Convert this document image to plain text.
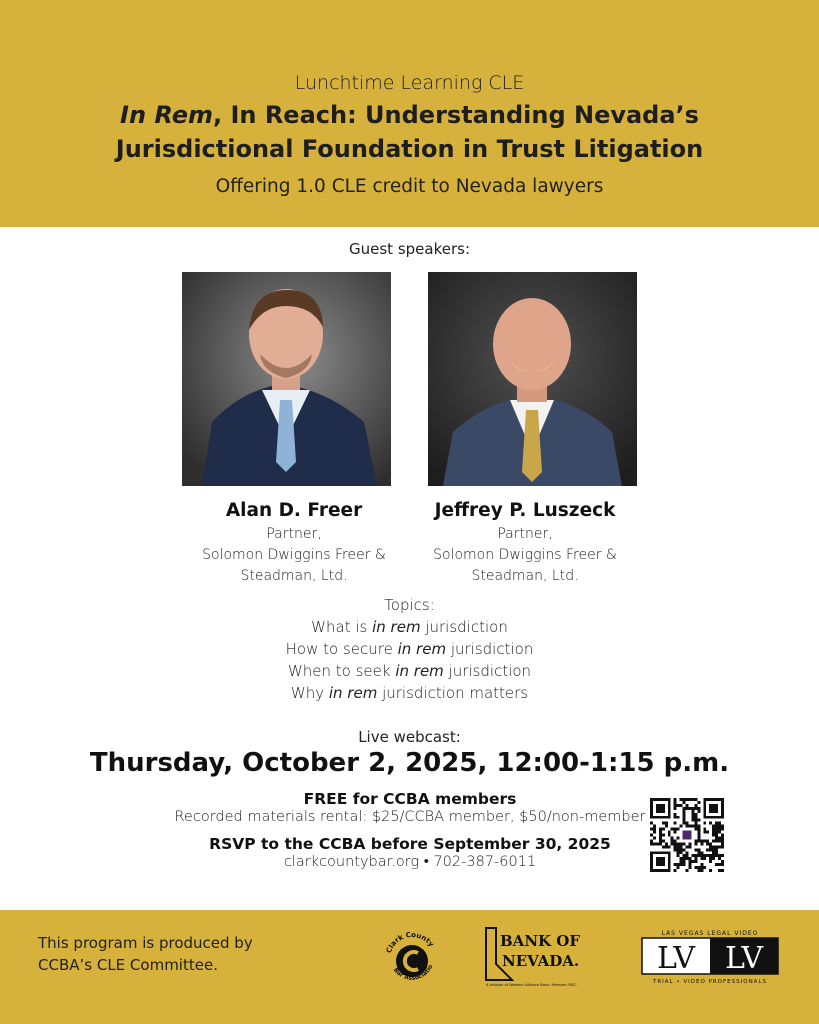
Lunchtime Learning CLE
In Rem, In Reach: Understanding Nevada’s
Jurisdictional Foundation in Trust Litigation
Offering 1.0 CLE credit to Nevada lawyers
Guest speakers:
Alan D. Freer
Partner,
Solomon Dwiggins Freer &
Steadman, Ltd.
Jeffrey P. Luszeck
Partner,
Solomon Dwiggins Freer &
Steadman, Ltd.
Topics:
What is in rem jurisdiction
How to secure in rem jurisdiction
When to seek in rem jurisdiction
Why in rem jurisdiction matters
Live webcast:
Thursday, October 2, 2025, 12:00-1:15 p.m.
FREE for CCBA members
Recorded materials rental: $25/CCBA member, $50/non-member
RSVP to the CCBA before September 30, 2025
clarkcountybar.org • 702-387-6011
This program is produced by
CCBA’s CLE Committee.
Clark County
Bar Associatio
BANK OF
NEVADA.
A division of Western Alliance Bank. Member FDIC.
LAS VEGAS LEGAL VIDEO
LV LV
TRIAL • VIDEO PROFESSIONALS
